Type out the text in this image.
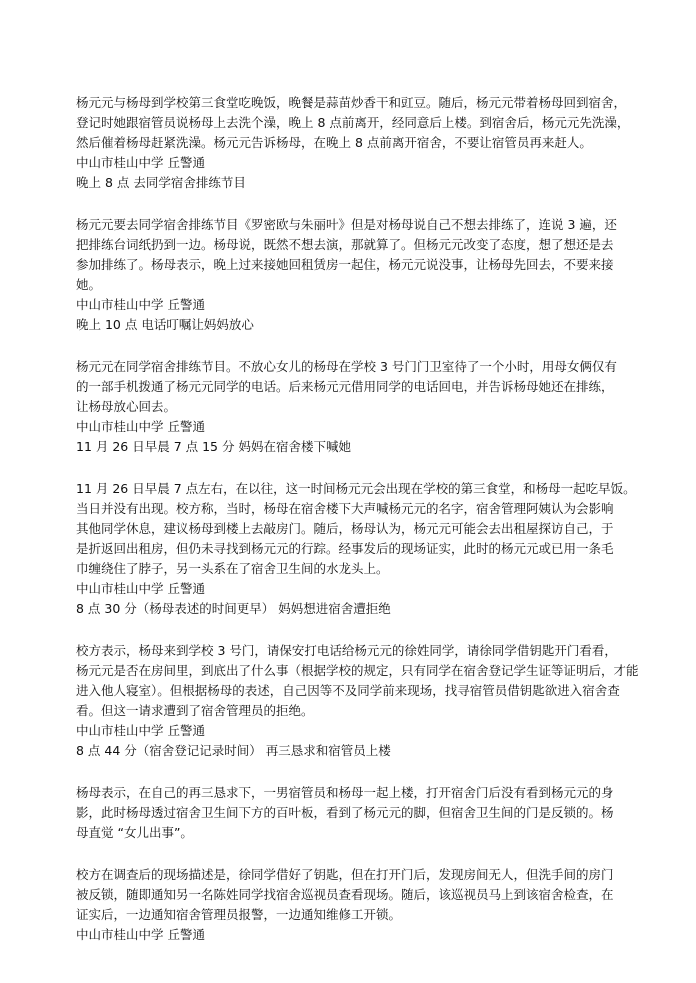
杨元元与杨母到学校第三食堂吃晚饭，晚餐是蒜苗炒香干和豇豆。随后，杨元元带着杨母回到宿舍，
登记时她跟宿管员说杨母上去洗个澡，晚上 8 点前离开，经同意后上楼。到宿舍后，杨元元先洗澡，
然后催着杨母赶紧洗澡。杨元元告诉杨母，在晚上 8 点前离开宿舍，不要让宿管员再来赶人。
中山市桂山中学 丘警通
晚上 8 点 去同学宿舍排练节目
杨元元要去同学宿舍排练节目《罗密欧与朱丽叶》但是对杨母说自己不想去排练了，连说 3 遍，还
把排练台词纸扔到一边。杨母说，既然不想去演，那就算了。但杨元元改变了态度，想了想还是去
参加排练了。杨母表示，晚上过来接她回租赁房一起住，杨元元说没事，让杨母先回去，不要来接
她。
中山市桂山中学 丘警通
晚上 10 点 电话叮嘱让妈妈放心
杨元元在同学宿舍排练节目。不放心女儿的杨母在学校 3 号门门卫室待了一个小时，用母女俩仅有
的一部手机拨通了杨元元同学的电话。后来杨元元借用同学的电话回电，并告诉杨母她还在排练，
让杨母放心回去。
中山市桂山中学 丘警通
11 月 26 日早晨 7 点 15 分 妈妈在宿舍楼下喊她
11 月 26 日早晨 7 点左右，在以往，这一时间杨元元会出现在学校的第三食堂，和杨母一起吃早饭。
当日并没有出现。校方称，当时，杨母在宿舍楼下大声喊杨元元的名字，宿舍管理阿姨认为会影响
其他同学休息，建议杨母到楼上去敲房门。随后，杨母认为，杨元元可能会去出租屋探访自己，于
是折返回出租房，但仍未寻找到杨元元的行踪。经事发后的现场证实，此时的杨元元或已用一条毛
巾缠绕住了脖子，另一头系在了宿舍卫生间的水龙头上。
中山市桂山中学 丘警通
8 点 30 分（杨母表述的时间更早） 妈妈想进宿舍遭拒绝
校方表示，杨母来到学校 3 号门，请保安打电话给杨元元的徐姓同学，请徐同学借钥匙开门看看，
杨元元是否在房间里，到底出了什么事（根据学校的规定，只有同学在宿舍登记学生证等证明后，才能
进入他人寝室）。但根据杨母的表述，自己因等不及同学前来现场，找寻宿管员借钥匙欲进入宿舍查
看。但这一请求遭到了宿舍管理员的拒绝。
中山市桂山中学 丘警通
8 点 44 分（宿舍登记记录时间） 再三恳求和宿管员上楼
杨母表示，在自己的再三恳求下，一男宿管员和杨母一起上楼，打开宿舍门后没有看到杨元元的身
影，此时杨母透过宿舍卫生间下方的百叶板，看到了杨元元的脚，但宿舍卫生间的门是反锁的。杨
母直觉 “女儿出事”。
校方在调查后的现场描述是，徐同学借好了钥匙，但在打开门后，发现房间无人，但洗手间的房门
被反锁，随即通知另一名陈姓同学找宿舍巡视员查看现场。随后，该巡视员马上到该宿舍检查，在
证实后，一边通知宿舍管理员报警，一边通知维修工开锁。
中山市桂山中学 丘警通
